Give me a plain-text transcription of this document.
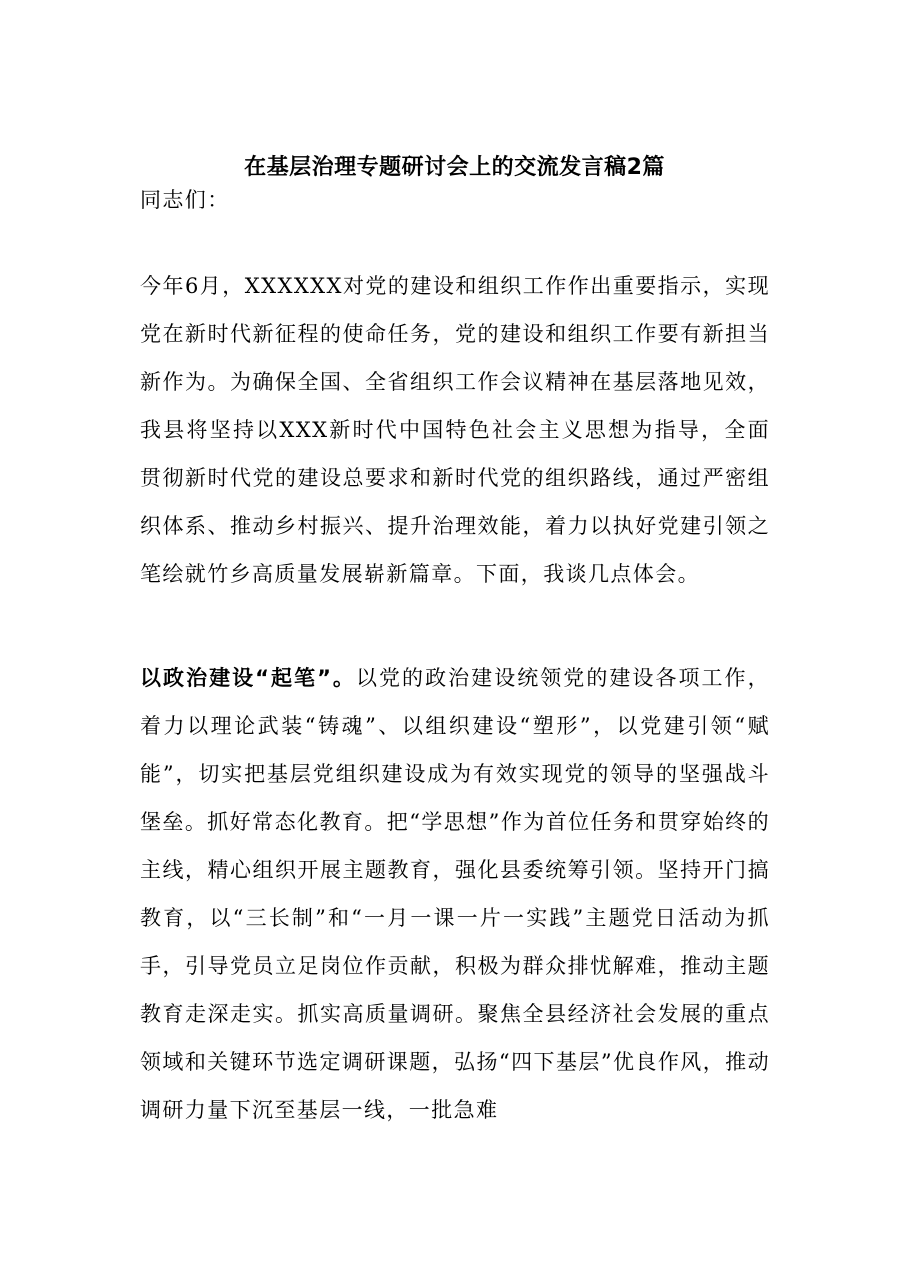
在基层治理专题研讨会上的交流发言稿2篇
同志们：
今年6月，XXXXXX对党的建设和组织工作作出重要指示，实现党在新时代新征程的使命任务，党的建设和组织工作要有新担当新作为。为确保全国、全省组织工作会议精神在基层落地见效，我县将坚持以XXX新时代中国特色社会主义思想为指导，全面贯彻新时代党的建设总要求和新时代党的组织路线，通过严密组织体系、推动乡村振兴、提升治理效能，着力以执好党建引领之笔绘就竹乡高质量发展崭新篇章。下面，我谈几点体会。
以政治建设“起笔”。以党的政治建设统领党的建设各项工作，着力以理论武装“铸魂”、以组织建设“塑形”，以党建引领“赋能”，切实把基层党组织建设成为有效实现党的领导的坚强战斗堡垒。抓好常态化教育。把“学思想”作为首位任务和贯穿始终的主线，精心组织开展主题教育，强化县委统筹引领。坚持开门搞教育，以“三长制”和“一月一课一片一实践”主题党日活动为抓手，引导党员立足岗位作贡献，积极为群众排忧解难，推动主题教育走深走实。抓实高质量调研。聚焦全县经济社会发展的重点领域和关键环节选定调研课题，弘扬“四下基层”优良作风，推动调研力量下沉至基层一线，一批急难
